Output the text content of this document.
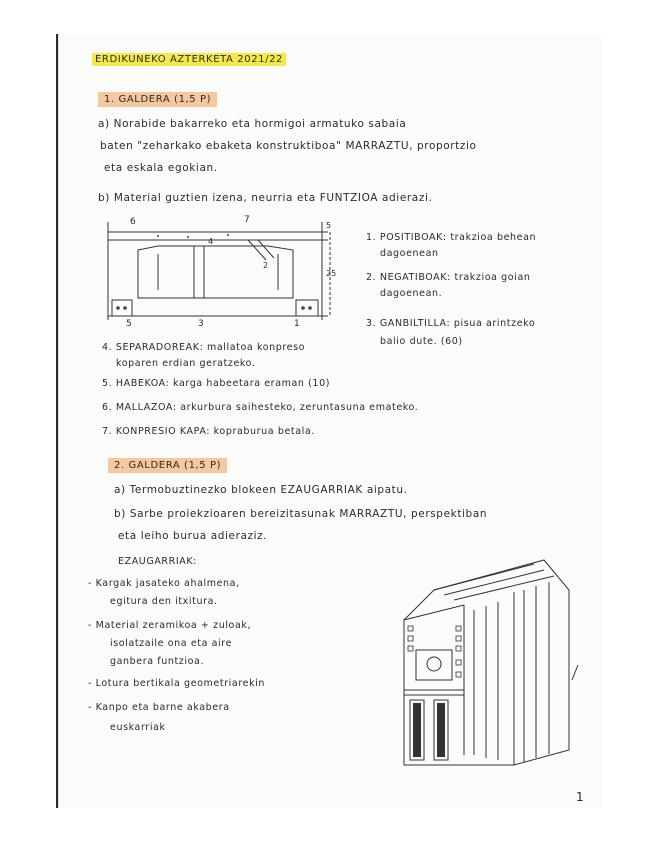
ERDIKUNEKO AZTERKETA 2021/22
1. GALDERA (1,5 P)
a) Norabide bakarreko eta hormigoi armatuko sabaia
baten "zeharkako ebaketa konstruktiboa" MARRAZTU, proportzio
eta eskala egokian.
b) Material guztien izena, neurria eta FUNTZIOA adierazi.
6	7
4
2
5
25
5	3	1
1. POSITIBOAK: trakzioa behean
dagoenean
2. NEGATIBOAK: trakzioa goian
dagoenean.
3. GANBILTILLA: pisua arintzeko
balio dute. (60)
4. SEPARADOREAK: mallatoa konpreso
koparen erdian geratzeko.
5. HABEKOA: karga habeetara eraman (10)
6. MALLAZOA: arkurbura saihesteko, zeruntasuna emateko.
7. KONPRESIO KAPA: kopraburua betala.
2. GALDERA (1,5 P)
a) Termobuztinezko blokeen EZAUGARRIAK aipatu.
b) Sarbe proiekzioaren bereizitasunak MARRAZTU, perspektiban
eta leiho burua adieraziz.
EZAUGARRIAK:
- Kargak jasateko ahalmena,
egitura den itxitura.
- Material zeramikoa + zuloak,
isolatzaile ona eta aire
ganbera funtzioa.
- Lotura bertikala geometriarekin
- Kanpo eta barne akabera
euskarriak
1
